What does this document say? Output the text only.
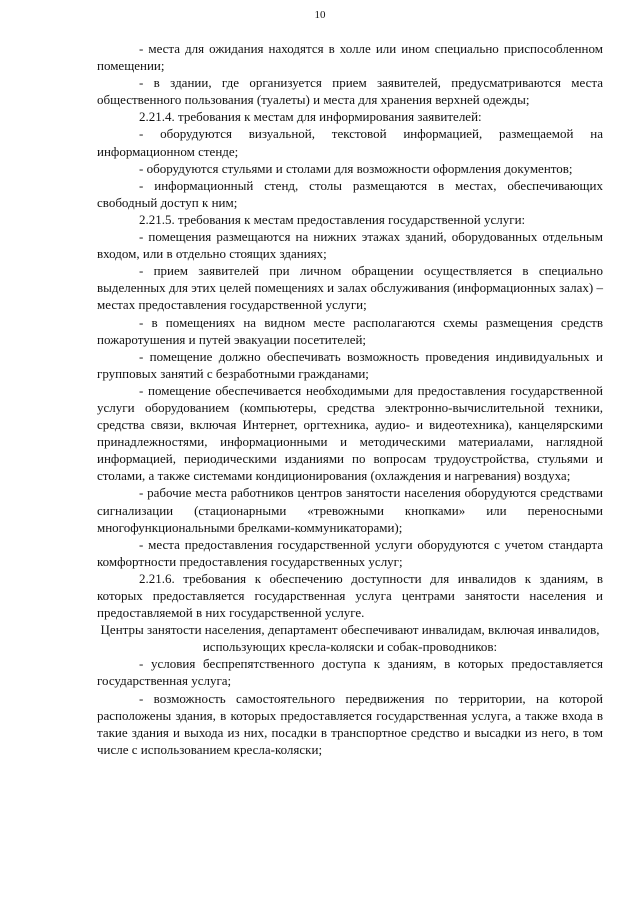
10

- места для ожидания находятся в холле или ином специально приспособленном помещении;

- в здании, где организуется прием заявителей, предусматриваются места общественного пользования (туалеты) и места для хранения верхней одежды;

2.21.4. требования к местам для информирования заявителей:

- оборудуются визуальной, текстовой информацией, размещаемой на информационном стенде;

- оборудуются стульями и столами для возможности оформления документов;

- информационный стенд, столы размещаются в местах, обеспечивающих свободный доступ к ним;

2.21.5. требования к местам предоставления государственной услуги:

- помещения размещаются на нижних этажах зданий, оборудованных отдельным входом, или в отдельно стоящих зданиях;

- прием заявителей при личном обращении осуществляется в специально выделенных для этих целей помещениях и залах обслуживания (информационных залах) – местах предоставления государственной услуги;

- в помещениях на видном месте располагаются схемы размещения средств пожаротушения и путей эвакуации посетителей;

- помещение должно обеспечивать возможность проведения индивидуальных и групповых занятий с безработными гражданами;

- помещение обеспечивается необходимыми для предоставления государственной услуги оборудованием (компьютеры, средства электронно-вычислительной техники, средства связи, включая Интернет, оргтехника, аудио- и видеотехника), канцелярскими принадлежностями, информационными и методическими материалами, наглядной информацией, периодическими изданиями по вопросам трудоустройства, стульями и столами, а также системами кондиционирования (охлаждения и нагревания) воздуха;

- рабочие места работников центров занятости населения оборудуются средствами сигнализации (стационарными «тревожными кнопками» или переносными многофункциональными брелками-коммуникаторами);

- места предоставления государственной услуги оборудуются с учетом стандарта комфортности предоставления государственных услуг;

2.21.6. требования к обеспечению доступности для инвалидов к зданиям, в которых предоставляется государственная услуга центрами занятости населения и предоставляемой в них государственной услуге.

Центры занятости населения, департамент обеспечивают инвалидам, включая инвалидов, использующих кресла-коляски и собак-проводников:

- условия беспрепятственного доступа к зданиям, в которых предоставляется государственная услуга;

- возможность самостоятельного передвижения по территории, на которой расположены здания, в которых предоставляется государственная услуга, а также входа в такие здания и выхода из них, посадки в транспортное средство и высадки из него, в том числе с использованием кресла-коляски;
